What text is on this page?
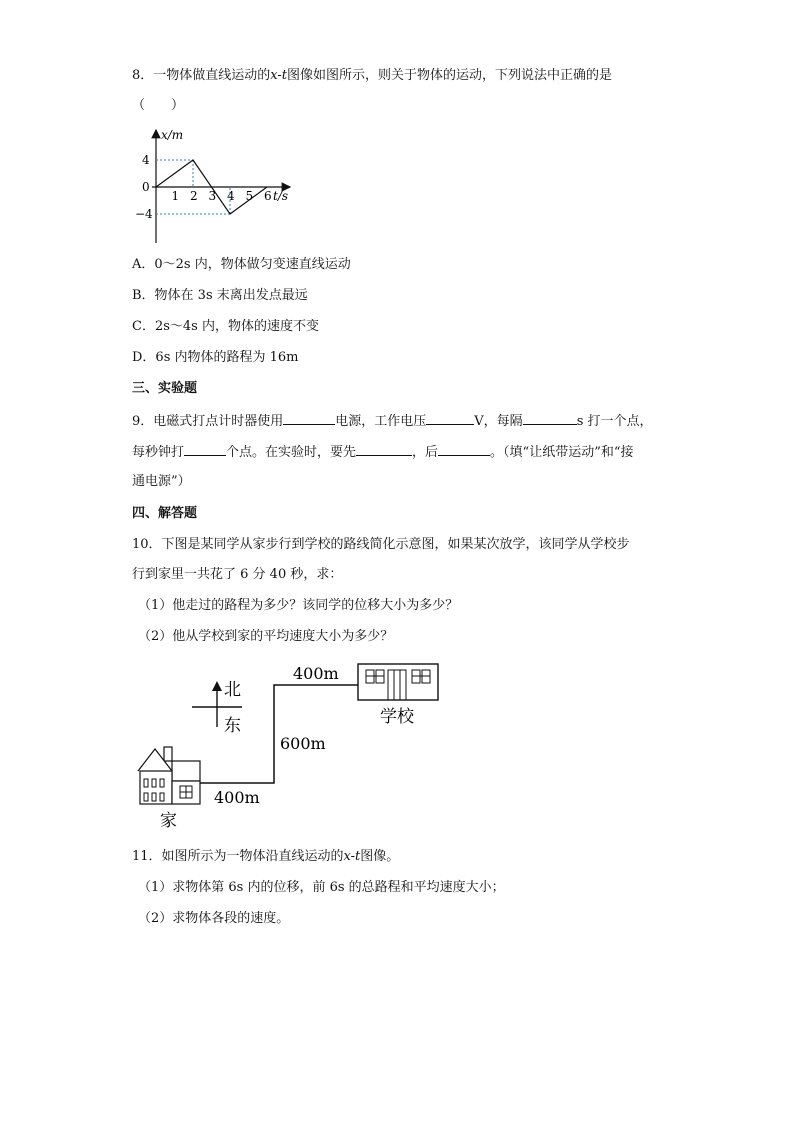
8．一物体做直线运动的x-t图像如图所示，则关于物体的运动，下列说法中正确的是
（　　）
1 2 3 4 5 6
4
0
−4
x/m
t/s
A．0～2s 内，物体做匀变速直线运动
B．物体在 3s 末离出发点最远
C．2s～4s 内，物体的速度不变
D．6s 内物体的路程为 16m
三、实验题
9．电磁式打点计时器使用	电源，工作电压	V，每隔	s 打一个点，
每秒钟打	个点。在实验时，要先	，后	。（填“让纸带运动”和“接
通电源”）
四、解答题
10．下图是某同学从家步行到学校的路线简化示意图，如果某次放学，该同学从学校步
行到家里一共花了 6 分 40 秒，求：
（1）他走过的路程为多少？该同学的位移大小为多少？
（2）他从学校到家的平均速度大小为多少？
北
东
400m
600m
400m
学校
家
11．如图所示为一物体沿直线运动的x-t图像。
（1）求物体第 6s 内的位移，前 6s 的总路程和平均速度大小；
（2）求物体各段的速度。
